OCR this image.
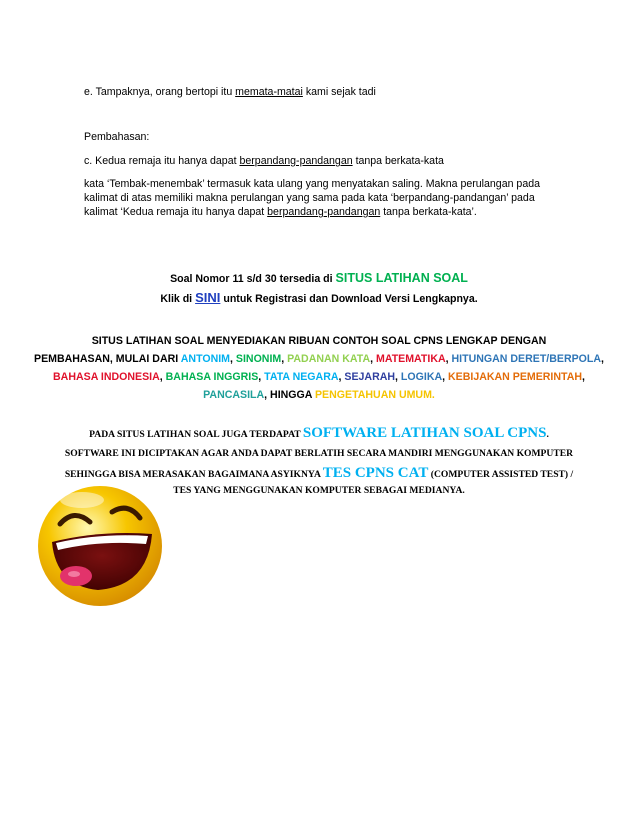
e. Tampaknya, orang bertopi itu memata-matai kami sejak tadi
Pembahasan:
c. Kedua remaja itu hanya dapat berpandang-pandangan tanpa berkata-kata
kata ‘Tembak-menembak’ termasuk kata ulang yang menyatakan saling. Makna perulangan pada
kalimat di atas memiliki makna perulangan yang sama pada kata ‘berpandang-pandangan’ pada
kalimat ‘Kedua remaja itu hanya dapat berpandang-pandangan tanpa berkata-kata’.
Soal Nomor 11 s/d 30 tersedia di SITUS LATIHAN SOAL
Klik di SINI untuk Registrasi dan Download Versi Lengkapnya.
SITUS LATIHAN SOAL MENYEDIAKAN RIBUAN CONTOH SOAL CPNS LENGKAP DENGAN
PEMBAHASAN, MULAI DARI ANTONIM, SINONIM, PADANAN KATA, MATEMATIKA, HITUNGAN DERET/BERPOLA,
BAHASA INDONESIA, BAHASA INGGRIS, TATA NEGARA, SEJARAH, LOGIKA, KEBIJAKAN PEMERINTAH,
PANCASILA, HINGGA PENGETAHUAN UMUM.
PADA SITUS LATIHAN SOAL JUGA TERDAPAT SOFTWARE LATIHAN SOAL CPNS.
SOFTWARE INI DICIPTAKAN AGAR ANDA DAPAT BERLATIH SECARA MANDIRI MENGGUNAKAN KOMPUTER
SEHINGGA BISA MERASAKAN BAGAIMANA ASYIKNYA TES CPNS CAT (COMPUTER ASSISTED TEST) /
TES YANG MENGGUNAKAN KOMPUTER SEBAGAI MEDIANYA.
